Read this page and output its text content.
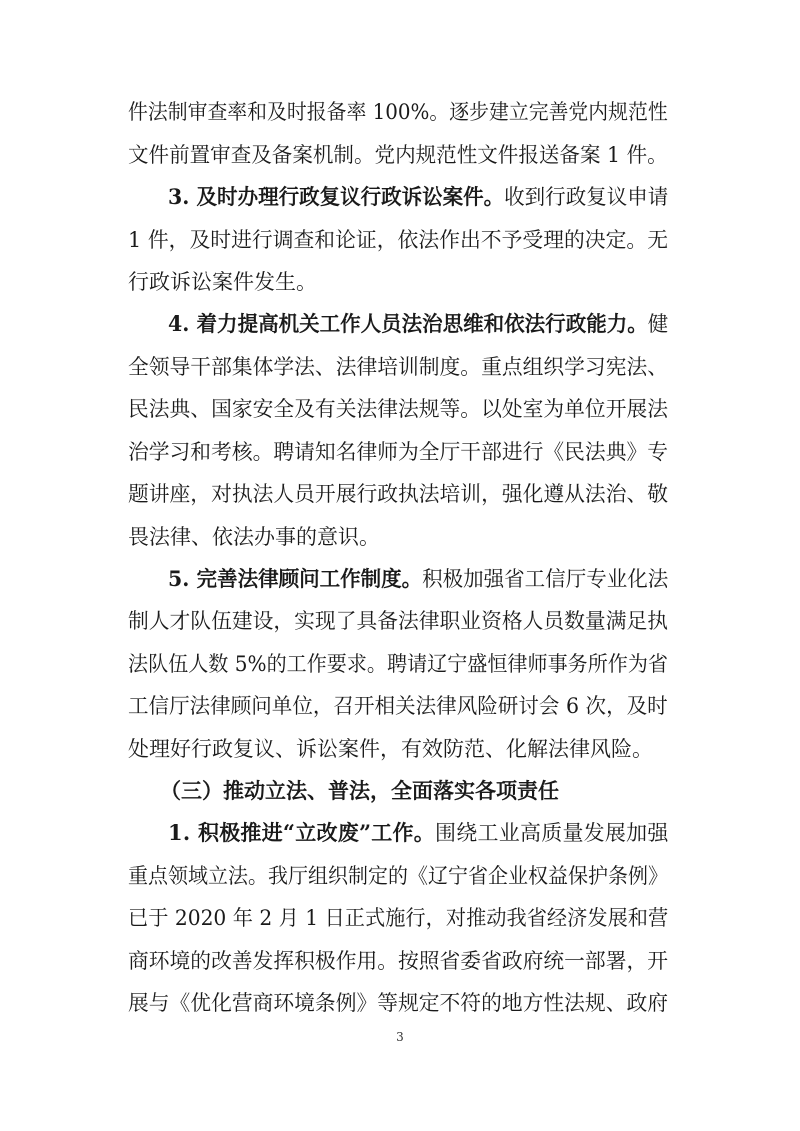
件法制审查率和及时报备率 100%。逐步建立完善党内规范性
文件前置审查及备案机制。党内规范性文件报送备案 1 件。
3. 及时办理行政复议行政诉讼案件。收到行政复议申请
1 件，及时进行调查和论证，依法作出不予受理的决定。无
行政诉讼案件发生。
4. 着力提高机关工作人员法治思维和依法行政能力。健
全领导干部集体学法、法律培训制度。重点组织学习宪法、
民法典、国家安全及有关法律法规等。以处室为单位开展法
治学习和考核。聘请知名律师为全厅干部进行《民法典》专
题讲座，对执法人员开展行政执法培训，强化遵从法治、敬
畏法律、依法办事的意识。
5. 完善法律顾问工作制度。积极加强省工信厅专业化法
制人才队伍建设，实现了具备法律职业资格人员数量满足执
法队伍人数 5%的工作要求。聘请辽宁盛恒律师事务所作为省
工信厅法律顾问单位，召开相关法律风险研讨会 6 次，及时
处理好行政复议、诉讼案件，有效防范、化解法律风险。
（三）推动立法、普法，全面落实各项责任
1. 积极推进“立改废”工作。围绕工业高质量发展加强
重点领域立法。我厅组织制定的《辽宁省企业权益保护条例》
已于 2020 年 2 月 1 日正式施行，对推动我省经济发展和营
商环境的改善发挥积极作用。按照省委省政府统一部署，开
展与《优化营商环境条例》等规定不符的地方性法规、政府
3
